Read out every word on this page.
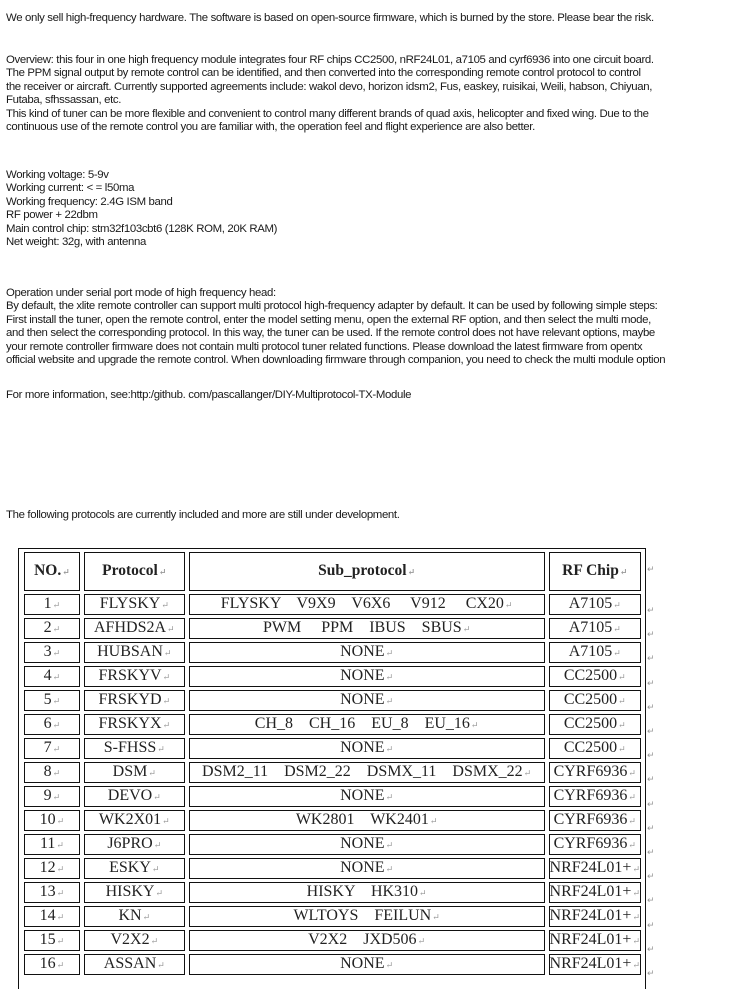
We only sell high-frequency hardware. The software is based on open-source firmware, which is burned by the store. Please bear the risk.
Overview: this four in one high frequency module integrates four RF chips CC2500, nRF24L01, a7105 and cyrf6936 into one circuit board.
The PPM signal output by remote control can be identified, and then converted into the corresponding remote control protocol to control
the receiver or aircraft. Currently supported agreements include: wakol devo, horizon idsm2, Fus, easkey, ruisikai, Weili, habson, Chiyuan,
Futaba, sfhssassan, etc.
This kind of tuner can be more flexible and convenient to control many different brands of quad axis, helicopter and fixed wing. Due to the
continuous use of the remote control you are familiar with, the operation feel and flight experience are also better.
Working voltage: 5-9v
Working current: < = l50ma
Working frequency: 2.4G ISM band
RF power + 22dbm
Main control chip: stm32f103cbt6 (128K ROM, 20K RAM)
Net weight: 32g, with antenna
Operation under serial port mode of high frequency head:
By default, the xlite remote controller can support multi protocol high-frequency adapter by default. It can be used by following simple steps:
First install the tuner, open the remote control, enter the model setting menu, open the external RF option, and then select the multi mode,
and then select the corresponding protocol. In this way, the tuner can be used. If the remote control does not have relevant options, maybe
your remote controller firmware does not contain multi protocol tuner related functions. Please download the latest firmware from opentx
official website and upgrade the remote control. When downloading firmware through companion, you need to check the multi module option
For more information, see:http:/github. com/pascallanger/DIY-Multiprotocol-TX-Module
The following protocols are currently included and more are still under development.
NO.↵	Protocol↵	Sub_protocol↵	RF Chip↵
1↵	FLYSKY↵	FLYSKY    V9X9    V6X6     V912     CX20↵	A7105↵
2↵	AFHDS2A↵	PWM     PPM    IBUS    SBUS↵	A7105↵
3↵	HUBSAN↵	NONE↵	A7105↵
4↵	FRSKYV↵	NONE↵	CC2500↵
5↵	FRSKYD↵	NONE↵	CC2500↵
6↵	FRSKYX↵	CH_8    CH_16    EU_8    EU_16↵	CC2500↵
7↵	S-FHSS↵	NONE↵	CC2500↵
8↵	DSM↵	DSM2_11    DSM2_22    DSMX_11    DSMX_22↵	CYRF6936↵
9↵	DEVO↵	NONE↵	CYRF6936↵
10↵	WK2X01↵	WK2801    WK2401↵	CYRF6936↵
11↵	J6PRO↵	NONE↵	CYRF6936↵
12↵	ESKY↵	NONE↵	NRF24L01+↵
13↵	HISKY↵	HISKY    HK310↵	NRF24L01+↵
14↵	KN↵	WLTOYS    FEILUN↵	NRF24L01+↵
15↵	V2X2↵	V2X2    JXD506↵	NRF24L01+↵
16↵	ASSAN↵	NONE↵	NRF24L01+↵
↵
↵
↵
↵
↵
↵
↵
↵
↵
↵
↵
↵
↵
↵
↵
↵
↵
